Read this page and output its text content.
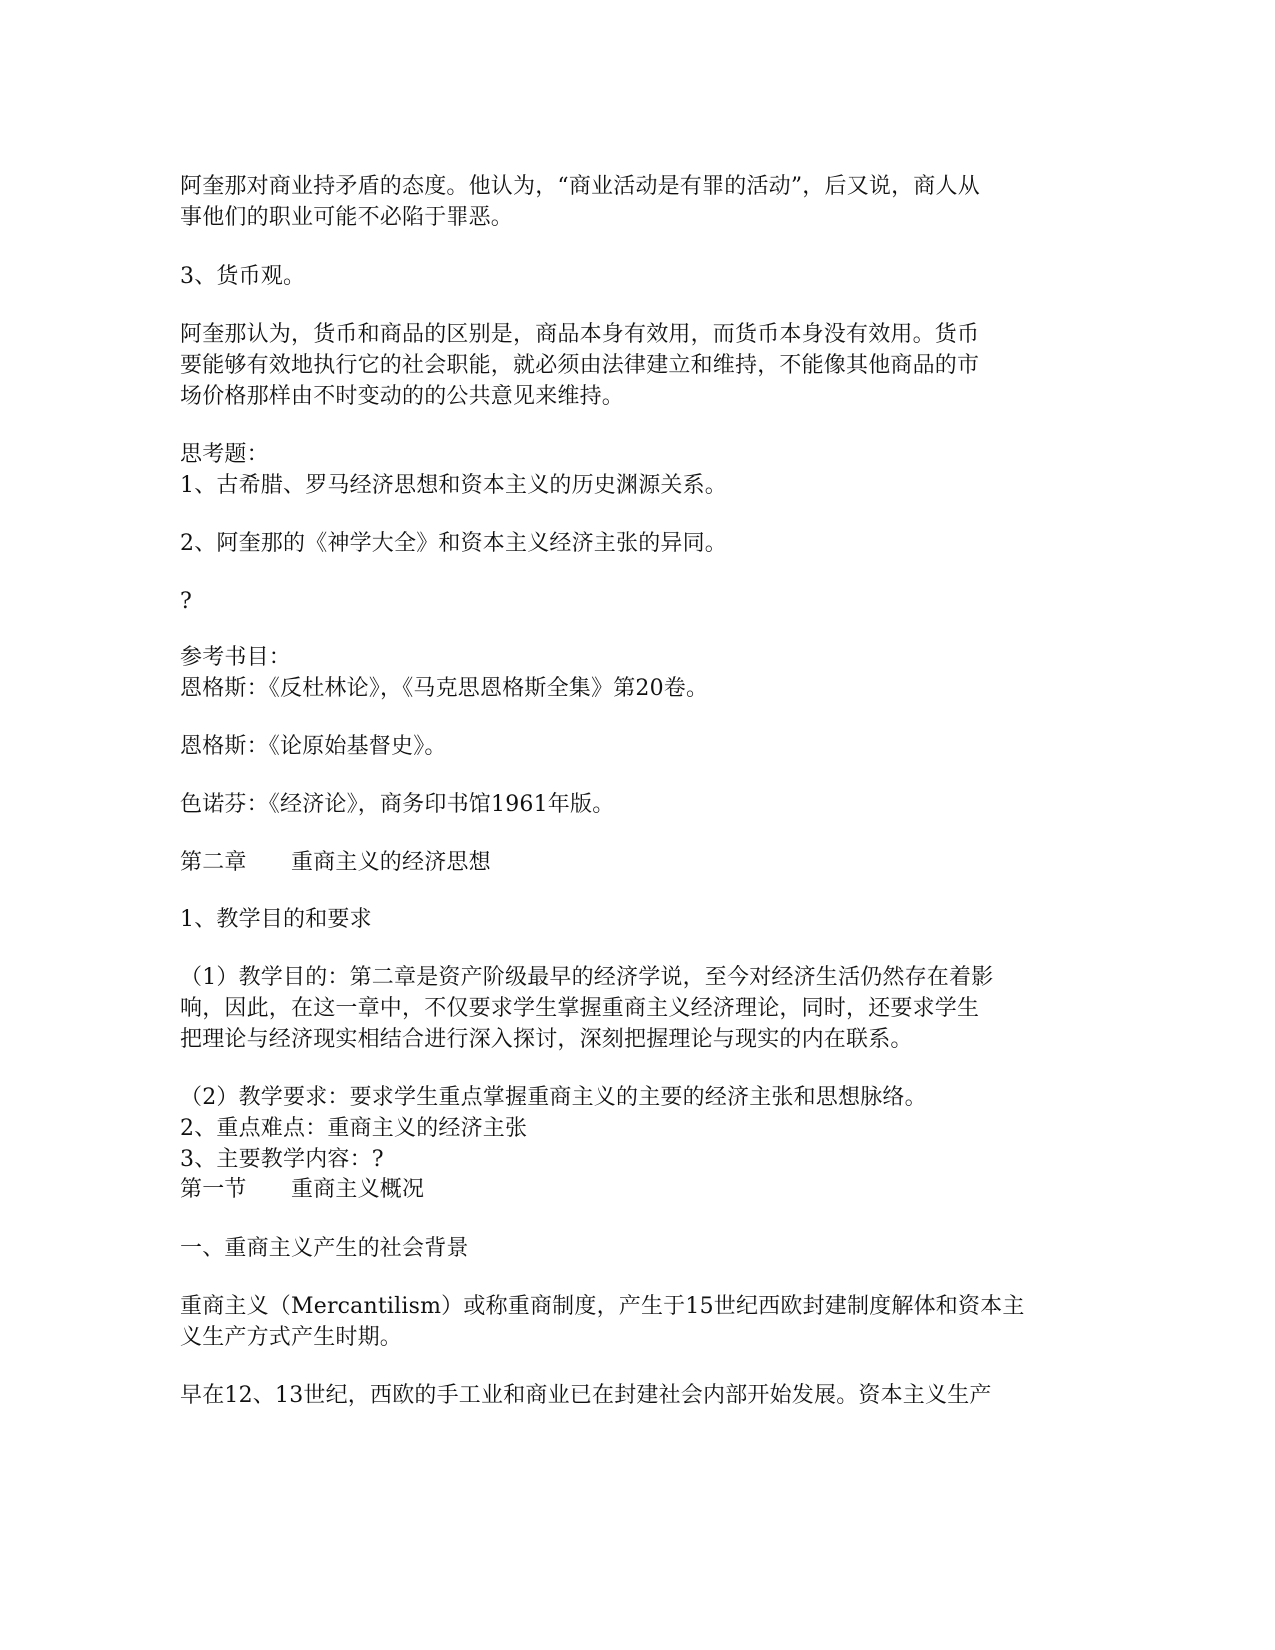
阿奎那对商业持矛盾的态度。他认为，“商业活动是有罪的活动”，后又说，商人从
事他们的职业可能不必陷于罪恶。
3、货币观。
阿奎那认为，货币和商品的区别是，商品本身有效用，而货币本身没有效用。货币
要能够有效地执行它的社会职能，就必须由法律建立和维持，不能像其他商品的市
场价格那样由不时变动的的公共意见来维持。
思考题：
1、古希腊、罗马经济思想和资本主义的历史渊源关系。
2、阿奎那的《神学大全》和资本主义经济主张的异同。
?
参考书目：
恩格斯：《反杜林论》，《马克思恩格斯全集》第20卷。
恩格斯：《论原始基督史》。
色诺芬：《经济论》，商务印书馆1961年版。
第二章　　重商主义的经济思想
1、教学目的和要求
（1）教学目的：第二章是资产阶级最早的经济学说，至今对经济生活仍然存在着影
响，因此，在这一章中，不仅要求学生掌握重商主义经济理论，同时，还要求学生
把理论与经济现实相结合进行深入探讨，深刻把握理论与现实的内在联系。
（2）教学要求：要求学生重点掌握重商主义的主要的经济主张和思想脉络。
2、重点难点：重商主义的经济主张
3、主要教学内容：?
第一节　　重商主义概况
一、重商主义产生的社会背景
重商主义（Mercantilism）或称重商制度，产生于15世纪西欧封建制度解体和资本主
义生产方式产生时期。
早在12、13世纪，西欧的手工业和商业已在封建社会内部开始发展。资本主义生产
